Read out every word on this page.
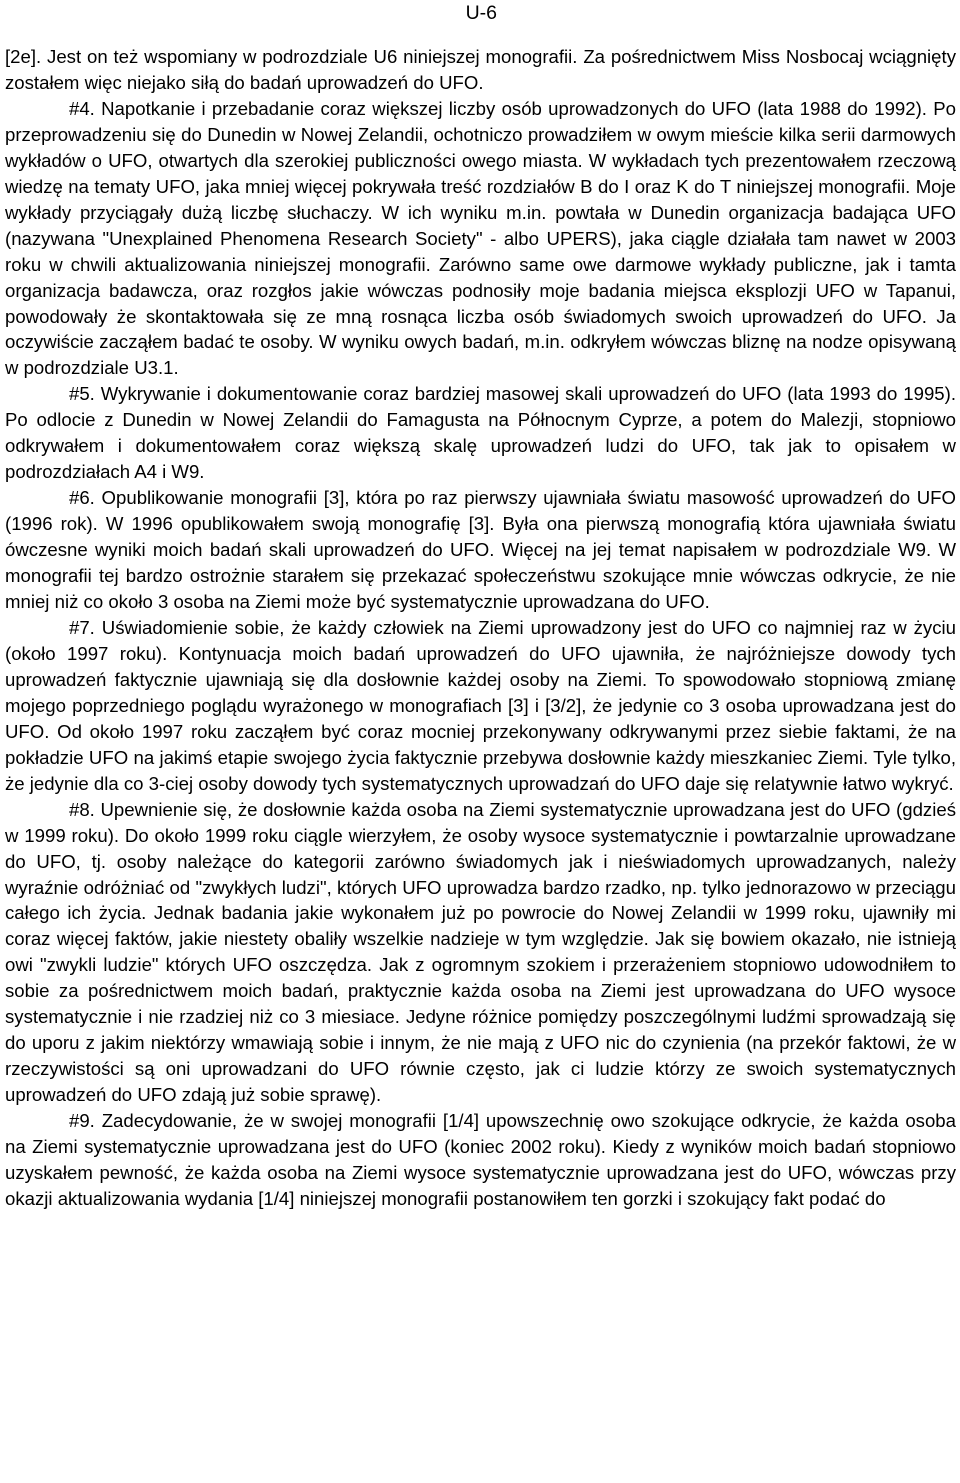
U-6

[2e]. Jest on też wspomiany w podrozdziale U6 niniejszej monografii. Za pośrednictwem Miss Nosbocaj wciągnięty zostałem więc niejako siłą do badań uprowadzeń do UFO.

#4. Napotkanie i przebadanie coraz większej liczby osób uprowadzonych do UFO (lata 1988 do 1992). Po przeprowadzeniu się do Dunedin w Nowej Zelandii, ochotniczo prowadziłem w owym mieście kilka serii darmowych wykładów o UFO, otwartych dla szerokiej publiczności owego miasta. W wykładach tych prezentowałem rzeczową wiedzę na tematy UFO, jaka mniej więcej pokrywała treść rozdziałów B do I oraz K do T niniejszej monografii. Moje wykłady przyciągały dużą liczbę słuchaczy. W ich wyniku m.in. powtała w Dunedin organizacja badająca UFO (nazywana "Unexplained Phenomena Research Society" - albo UPERS), jaka ciągle działała tam nawet w 2003 roku w chwili aktualizowania niniejszej monografii. Zarówno same owe darmowe wykłady publiczne, jak i tamta organizacja badawcza, oraz rozgłos jakie wówczas podnosiły moje badania miejsca eksplozji UFO w Tapanui, powodowały że skontaktowała się ze mną rosnąca liczba osób świadomych swoich uprowadzeń do UFO. Ja oczywiście zacząłem badać te osoby. W wyniku owych badań, m.in. odkryłem wówczas bliznę na nodze opisywaną w podrozdziale U3.1.

#5. Wykrywanie i dokumentowanie coraz bardziej masowej skali uprowadzeń do UFO (lata 1993 do 1995). Po odlocie z Dunedin w Nowej Zelandii do Famagusta na Północnym Cyprze, a potem do Malezji, stopniowo odkrywałem i dokumentowałem coraz większą skalę uprowadzeń ludzi do UFO, tak jak to opisałem w podrozdziałach A4 i W9.

#6. Opublikowanie monografii [3], która po raz pierwszy ujawniała światu masowość uprowadzeń do UFO (1996 rok). W 1996 opublikowałem swoją monografię [3]. Była ona pierwszą monografią która ujawniała światu ówczesne wyniki moich badań skali uprowadzeń do UFO. Więcej na jej temat napisałem w podrozdziale W9. W monografii tej bardzo ostrożnie starałem się przekazać społeczeństwu szokujące mnie wówczas odkrycie, że nie mniej niż co około 3 osoba na Ziemi może być systematycznie uprowadzana do UFO.

#7. Uświadomienie sobie, że każdy człowiek na Ziemi uprowadzony jest do UFO co najmniej raz w życiu (około 1997 roku). Kontynuacja moich badań uprowadzeń do UFO ujawniła, że najróżniejsze dowody tych uprowadzeń faktycznie ujawniają się dla dosłownie każdej osoby na Ziemi. To spowodowało stopniową zmianę mojego poprzedniego poglądu wyrażonego w monografiach [3] i [3/2], że jedynie co 3 osoba uprowadzana jest do UFO. Od około 1997 roku zacząłem być coraz mocniej przekonywany odkrywanymi przez siebie faktami, że na pokładzie UFO na jakimś etapie swojego życia faktycznie przebywa dosłownie każdy mieszkaniec Ziemi. Tyle tylko, że jedynie dla co 3-ciej osoby dowody tych systematycznych uprowadzań do UFO daje się relatywnie łatwo wykryć.

#8. Upewnienie się, że dosłownie każda osoba na Ziemi systematycznie uprowadzana jest do UFO (gdzieś w 1999 roku). Do około 1999 roku ciągle wierzyłem, że osoby wysoce systematycznie i powtarzalnie uprowadzane do UFO, tj. osoby należące do kategorii zarówno świadomych jak i nieświadomych uprowadzanych, należy wyraźnie odróżniać od "zwykłych ludzi", których UFO uprowadza bardzo rzadko, np. tylko jednorazowo w przeciągu całego ich życia. Jednak badania jakie wykonałem już po powrocie do Nowej Zelandii w 1999 roku, ujawniły mi coraz więcej faktów, jakie niestety obaliły wszelkie nadzieje w tym względzie. Jak się bowiem okazało, nie istnieją owi "zwykli ludzie" których UFO oszczędza. Jak z ogromnym szokiem i przerażeniem stopniowo udowodniłem to sobie za pośrednictwem moich badań, praktycznie każda osoba na Ziemi jest uprowadzana do UFO wysoce systematycznie i nie rzadziej niż co 3 miesiace. Jedyne różnice pomiędzy poszczególnymi ludźmi sprowadzają się do uporu z jakim niektórzy wmawiają sobie i innym, że nie mają z UFO nic do czynienia (na przekór faktowi, że w rzeczywistości są oni uprowadzani do UFO równie często, jak ci ludzie którzy ze swoich systematycznych uprowadzeń do UFO zdają już sobie sprawę).

#9. Zadecydowanie, że w swojej monografii [1/4] upowszechnię owo szokujące odkrycie, że każda osoba na Ziemi systematycznie uprowadzana jest do UFO (koniec 2002 roku). Kiedy z wyników moich badań stopniowo uzyskałem pewność, że każda osoba na Ziemi wysoce systematycznie uprowadzana jest do UFO, wówczas przy okazji aktualizowania wydania [1/4] niniejszej monografii postanowiłem ten gorzki i szokujący fakt podać do
